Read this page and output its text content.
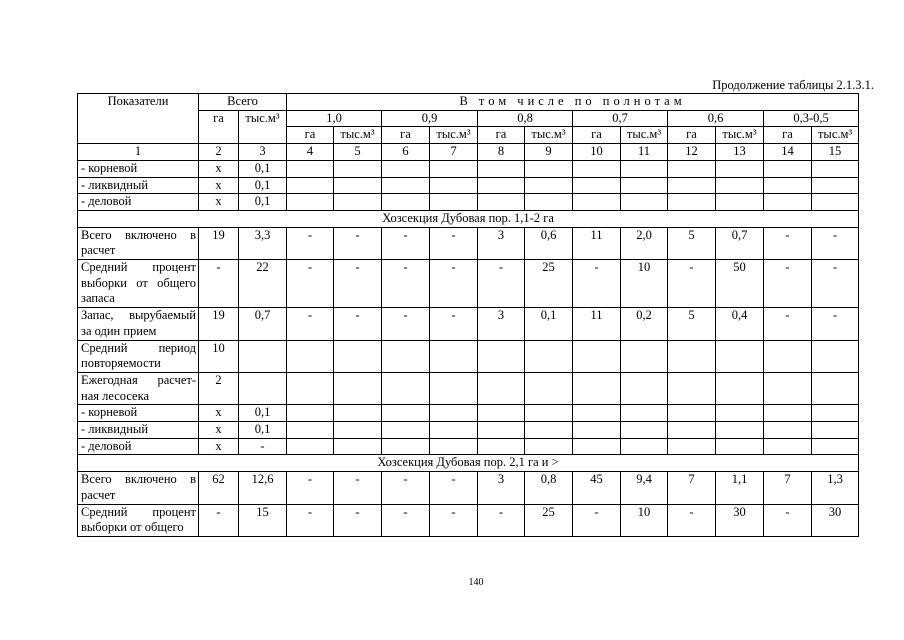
Продолжение таблицы 2.1.3.1.
Показатели	Всего		В том числе по полнотам											
	га	тыс.м³	1,0		0,9		0,8		0,7		0,6		0,3-0,5	
			га	тыс.м³	га	тыс.м³	га	тыс.м³	га	тыс.м³	га	тыс.м³	га	тыс.м³
1	2	3	4	5	6	7	8	9	10	11	12	13	14	15

- корневой	х	0,1												

- ликвидный	х	0,1												

- деловой	х	0,1												
Хозсекция Дубовая пор. 1,1-2 га														

Всего включено в
расчет	19	3,3	-	-	-	-	3	0,6	11	2,0	5	0,7	-	-

Средний процент
выборки от общего
запаса	-	22	-	-	-	-	-	25	-	10	-	50	-	-

Запас, вырубаемый
за один прием	19	0,7	-	-	-	-	3	0,1	11	0,2	5	0,4	-	-

Средний период
повторяемости	10													

Ежегодная расчет-
ная лесосека	2													

- корневой	х	0,1												

- ликвидный	х	0,1												

- деловой	х	-												
Хозсекция Дубовая пор. 2,1 га и >														

Всего включено в
расчет	62	12,6	-	-	-	-	3	0,8	45	9,4	7	1,1	7	1,3

Средний процент
выборки от общего	-	15	-	-	-	-	-	25	-	10	-	30	-	30
140
